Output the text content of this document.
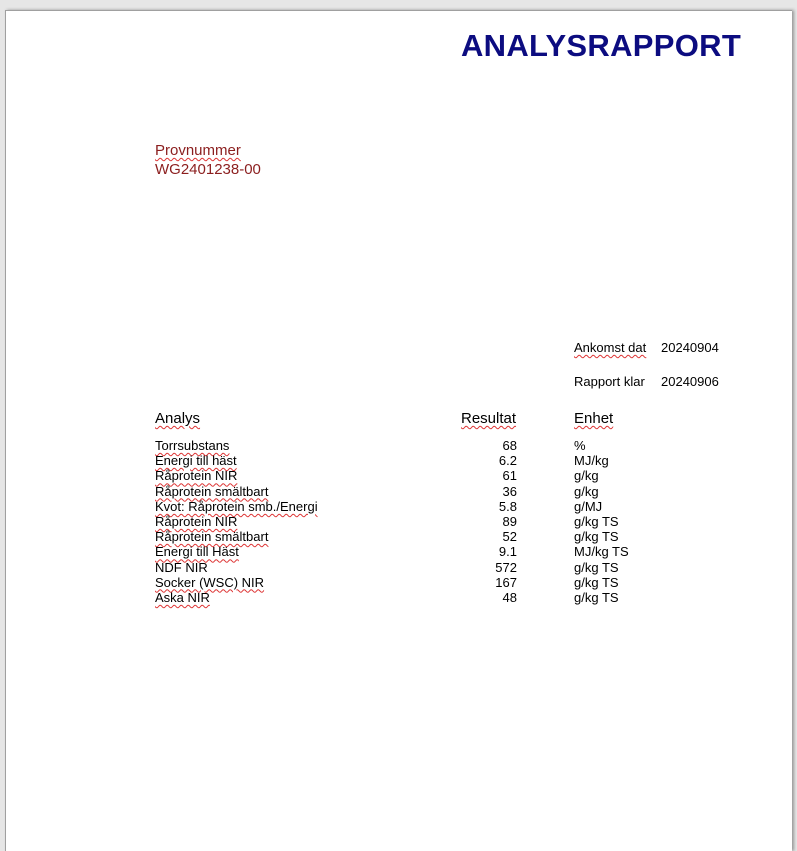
ANALYSRAPPORT
Provnummer
WG2401238-00
Ankomst dat 20240904
Rapport klar 20240906
Analys	Resultat	Enhet
Torrsubstans	68	%
Energi till häst	6.2	MJ/kg
Råprotein NIR	61	g/kg
Råprotein smältbart	36	g/kg
Kvot: Råprotein smb./Energi	5.8	g/MJ
Råprotein NIR	89	g/kg TS
Råprotein smältbart	52	g/kg TS
Energi till Häst	9.1	MJ/kg TS
NDF NIR	572	g/kg TS
Socker (WSC) NIR	167	g/kg TS
Aska NIR	48	g/kg TS
